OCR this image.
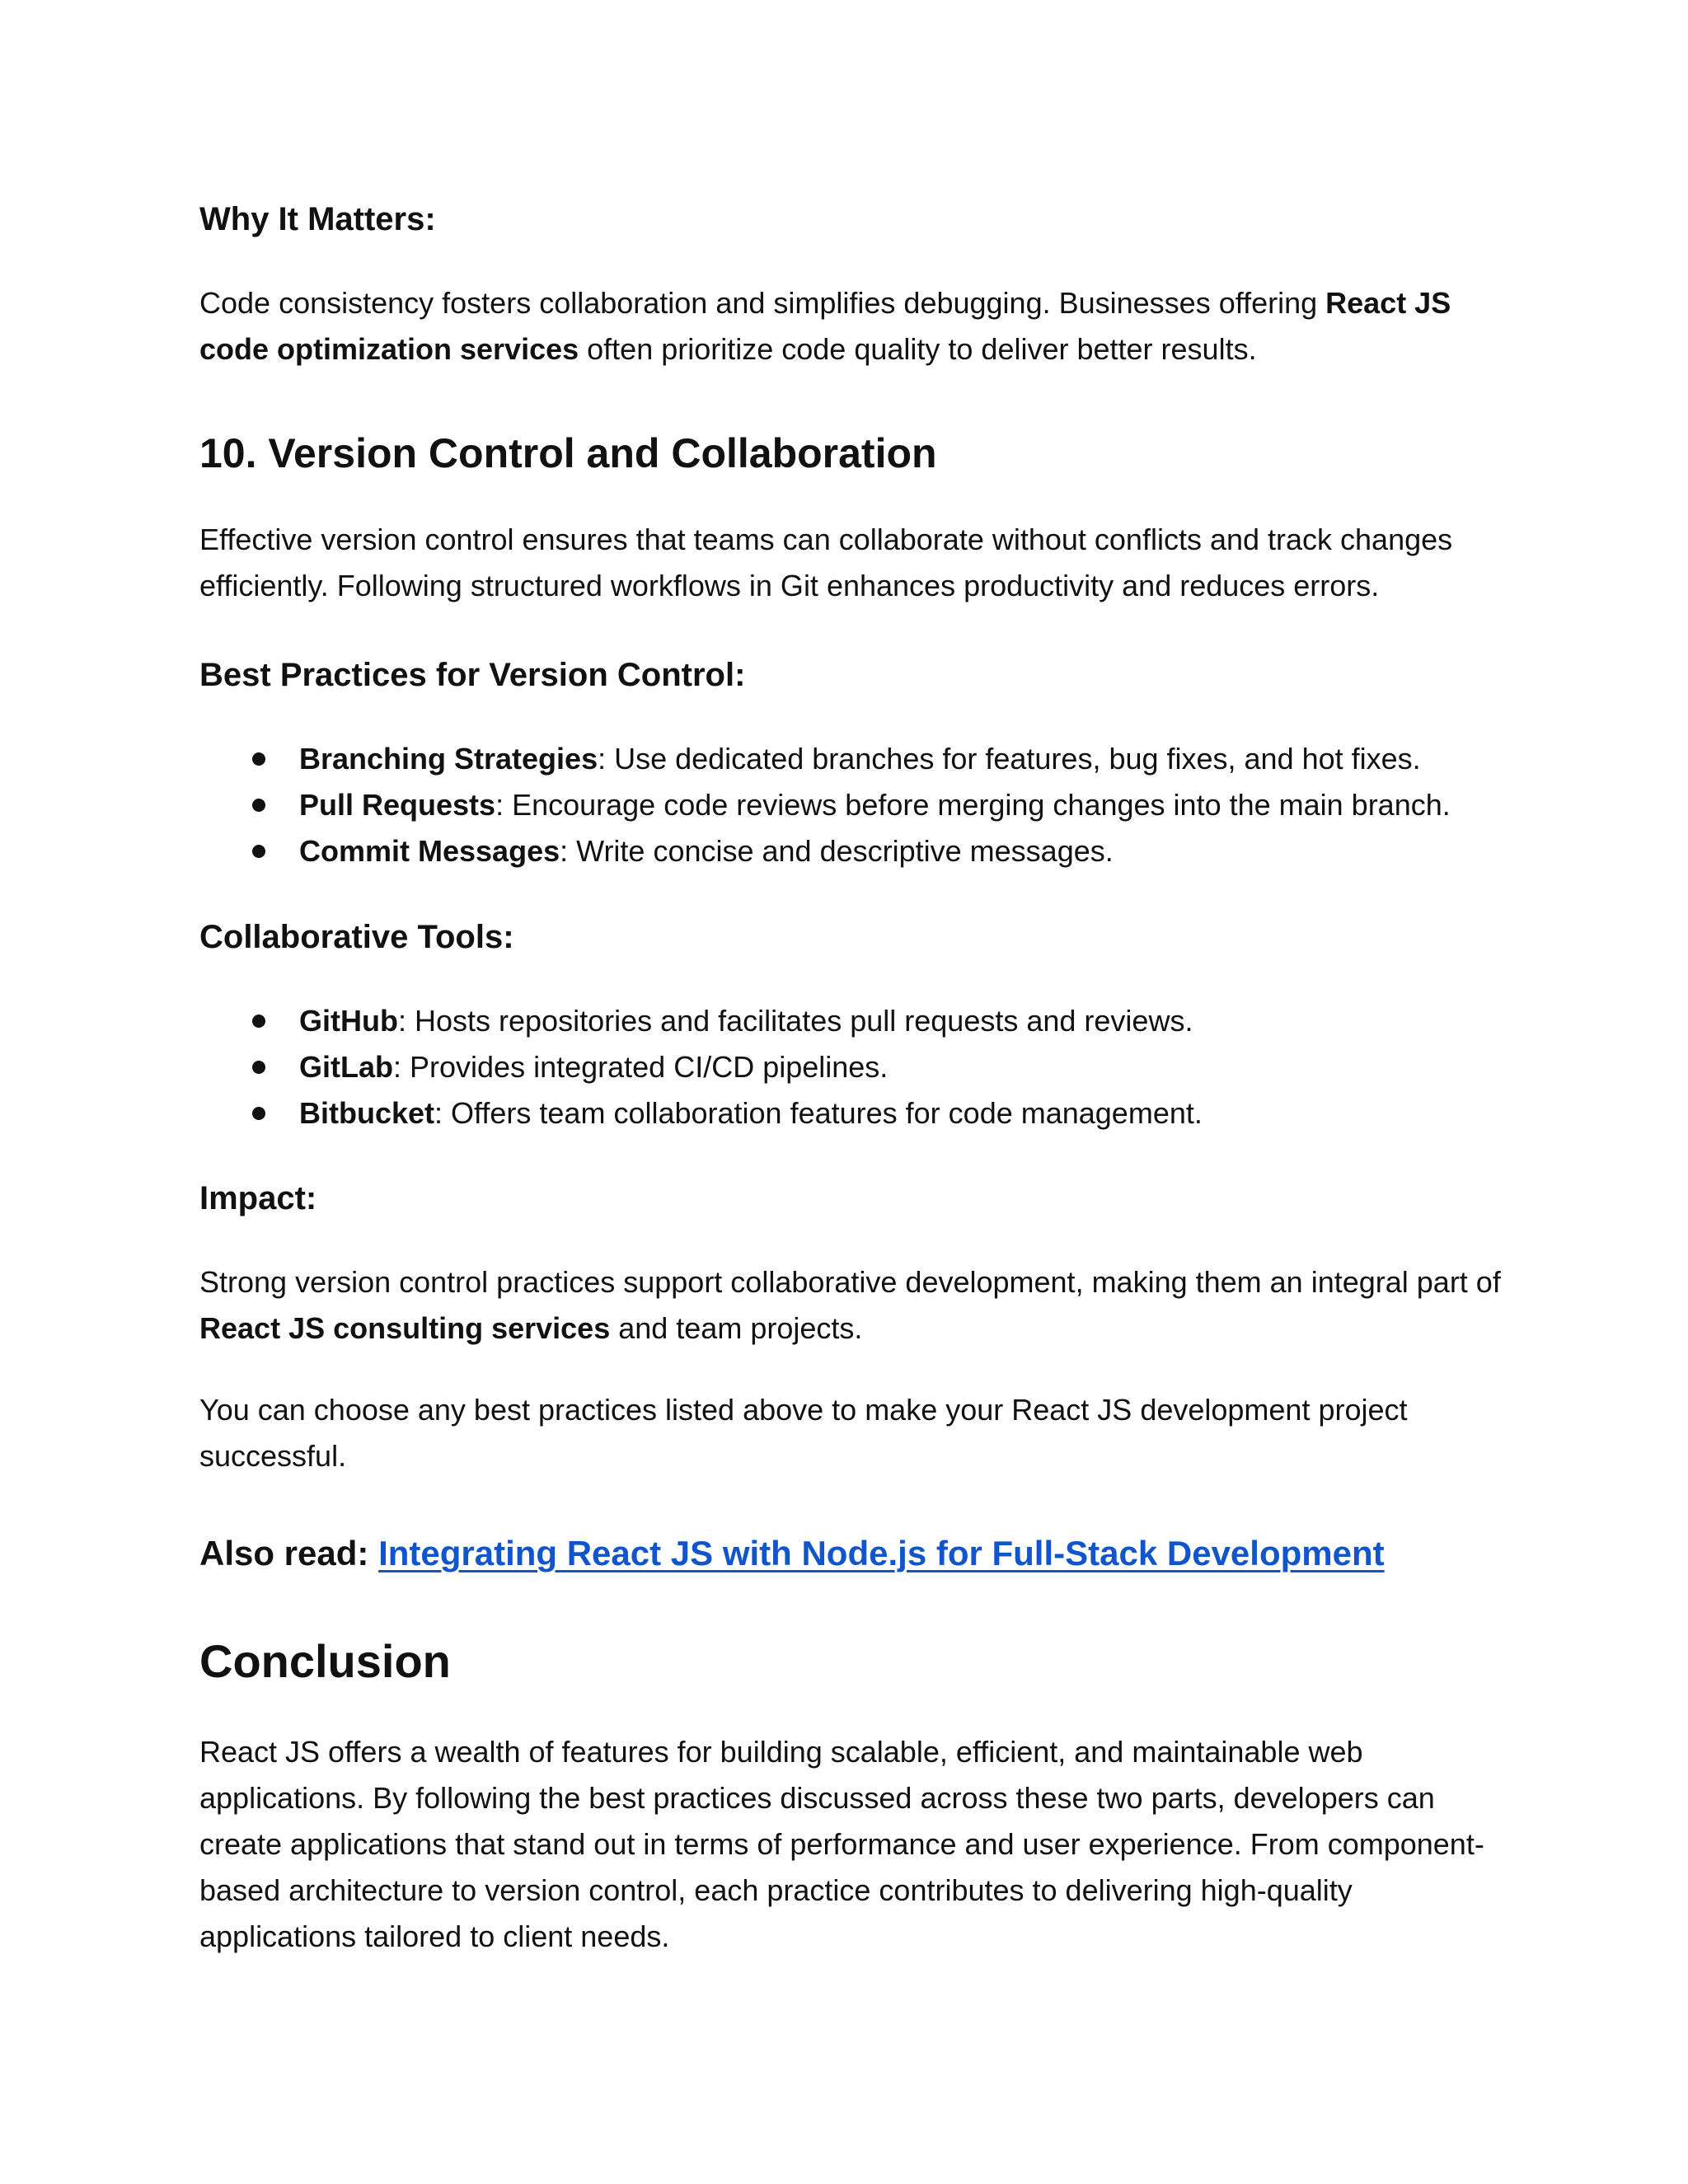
Why It Matters:

Code consistency fosters collaboration and simplifies debugging. Businesses offering React JS code optimization services often prioritize code quality to deliver better results.

10. Version Control and Collaboration

Effective version control ensures that teams can collaborate without conflicts and track changes efficiently. Following structured workflows in Git enhances productivity and reduces errors.

Best Practices for Version Control:
Branching Strategies: Use dedicated branches for features, bug fixes, and hot fixes.
Pull Requests: Encourage code reviews before merging changes into the main branch.
Commit Messages: Write concise and descriptive messages.
Collaborative Tools:
GitHub: Hosts repositories and facilitates pull requests and reviews.
GitLab: Provides integrated CI/CD pipelines.
Bitbucket: Offers team collaboration features for code management.
Impact:

Strong version control practices support collaborative development, making them an integral part of React JS consulting services and team projects.

You can choose any best practices listed above to make your React JS development project successful.

Also read: Integrating React JS with Node.js for Full-Stack Development
Conclusion

React JS offers a wealth of features for building scalable, efficient, and maintainable web applications. By following the best practices discussed across these two parts, developers can create applications that stand out in terms of performance and user experience. From component-based architecture to version control, each practice contributes to delivering high-quality applications tailored to client needs.
